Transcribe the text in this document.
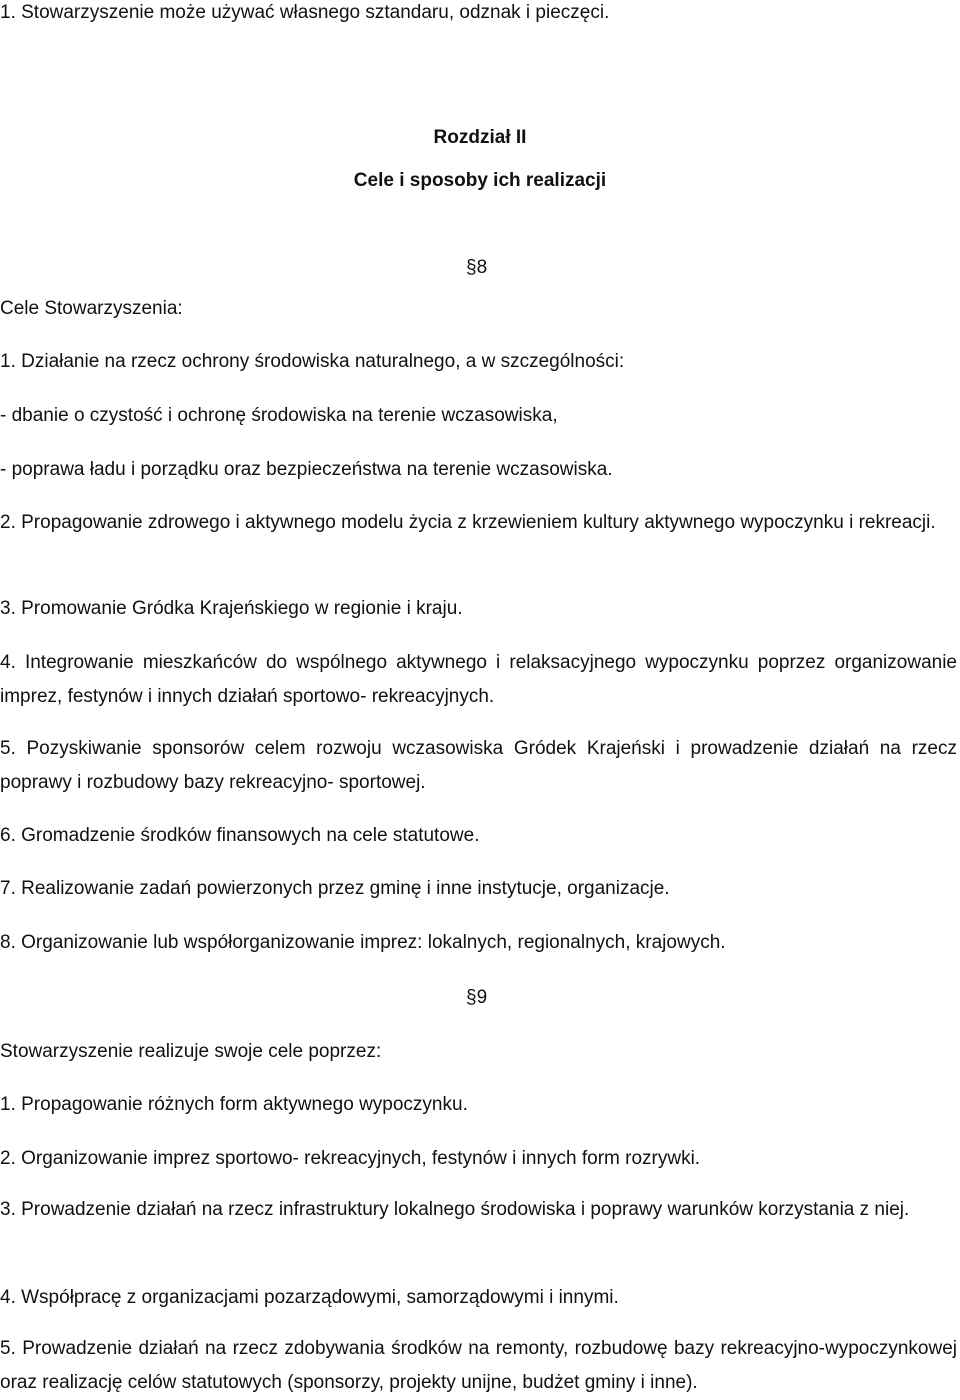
1. Stowarzyszenie może używać własnego sztandaru, odznak i pieczęci.
Rozdział II
Cele i sposoby ich realizacji
§8
Cele Stowarzyszenia:
1. Działanie na rzecz ochrony środowiska naturalnego, a w szczególności:
- dbanie o czystość i ochronę środowiska na terenie wczasowiska,
- poprawa ładu i porządku oraz bezpieczeństwa na terenie wczasowiska.
2. Propagowanie zdrowego i aktywnego modelu życia z krzewieniem kultury aktywnego wypoczynku i rekreacji.
3. Promowanie Gródka Krajeńskiego w regionie i kraju.
4. Integrowanie mieszkańców do wspólnego aktywnego i relaksacyjnego wypoczynku poprzez organizowanie imprez, festynów i innych działań sportowo- rekreacyjnych.
5. Pozyskiwanie sponsorów celem rozwoju wczasowiska Gródek Krajeński i prowadzenie działań na rzecz poprawy i rozbudowy bazy rekreacyjno- sportowej.
6. Gromadzenie środków finansowych na cele statutowe.
7. Realizowanie zadań powierzonych przez gminę i inne instytucje, organizacje.
8. Organizowanie lub współorganizowanie imprez: lokalnych, regionalnych, krajowych.
§9
Stowarzyszenie realizuje swoje cele poprzez:
1. Propagowanie różnych form aktywnego wypoczynku.
2. Organizowanie imprez sportowo- rekreacyjnych, festynów i innych form rozrywki.
3. Prowadzenie działań na rzecz infrastruktury lokalnego środowiska i poprawy warunków korzystania z niej.
4. Współpracę z organizacjami pozarządowymi, samorządowymi i innymi.
5. Prowadzenie działań na rzecz zdobywania środków na remonty, rozbudowę bazy rekreacyjno-wypoczynkowej oraz realizację celów statutowych (sponsorzy, projekty unijne, budżet gminy i inne).
